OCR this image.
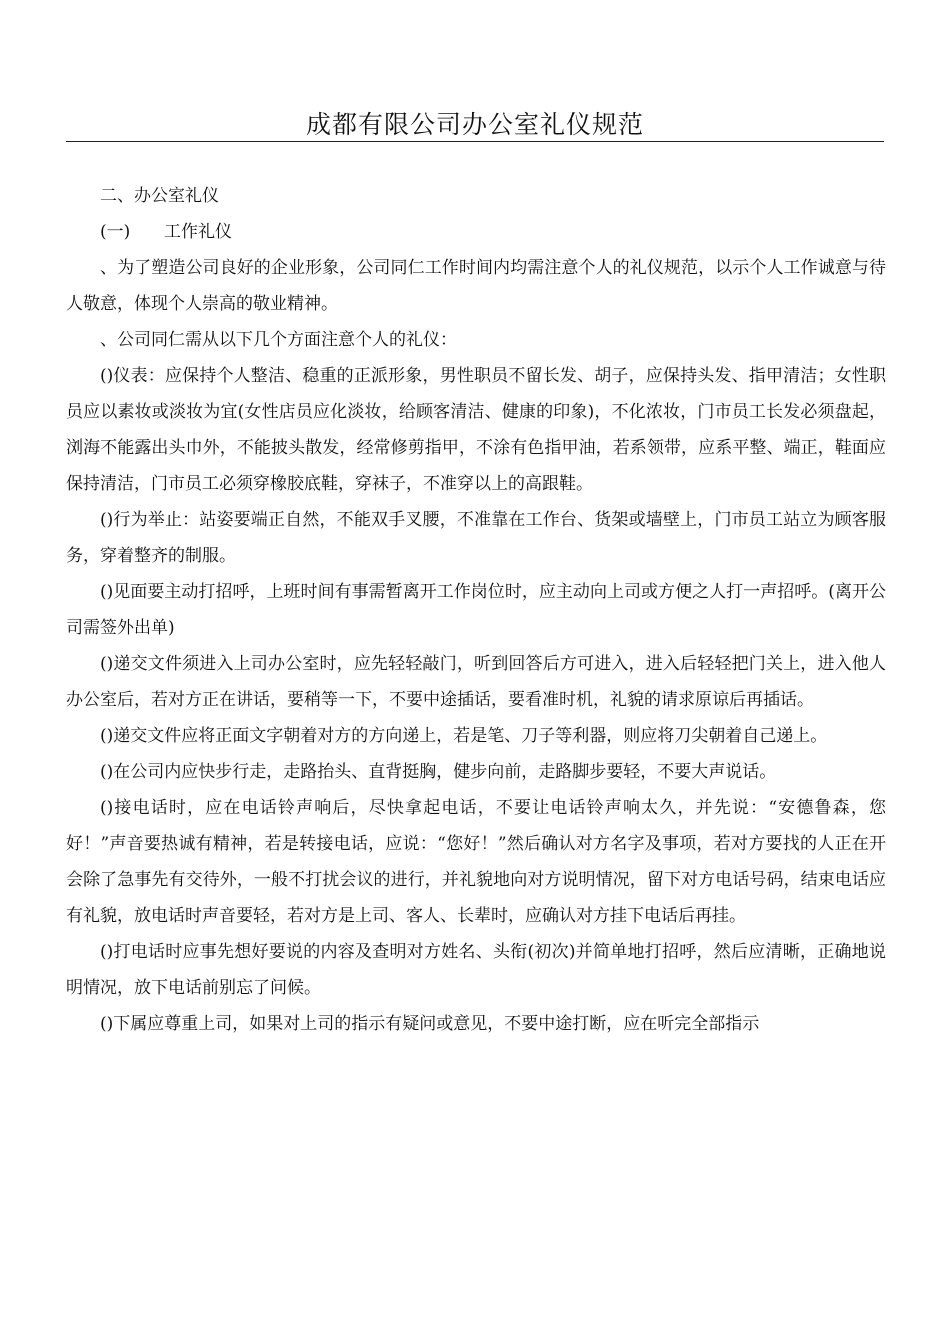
成都有限公司办公室礼仪规范

二、办公室礼仪

(一) 工作礼仪

、为了塑造公司良好的企业形象，公司同仁工作时间内均需注意个人的礼仪规范，以示个人工作诚意与待人敬意，体现个人崇高的敬业精神。

、公司同仁需从以下几个方面注意个人的礼仪：

()仪表：应保持个人整洁、稳重的正派形象，男性职员不留长发、胡子，应保持头发、指甲清洁；女性职员应以素妆或淡妆为宜(女性店员应化淡妆，给顾客清洁、健康的印象)，不化浓妆，门市员工长发必须盘起，浏海不能露出头巾外，不能披头散发，经常修剪指甲，不涂有色指甲油，若系领带，应系平整、端正，鞋面应保持清洁，门市员工必须穿橡胶底鞋，穿袜子，不准穿以上的高跟鞋。

()行为举止：站姿要端正自然，不能双手叉腰，不准靠在工作台、货架或墙壁上，门市员工站立为顾客服务，穿着整齐的制服。

()见面要主动打招呼，上班时间有事需暂离开工作岗位时，应主动向上司或方便之人打一声招呼。(离开公司需签外出单)

()递交文件须进入上司办公室时，应先轻轻敲门，听到回答后方可进入，进入后轻轻把门关上，进入他人办公室后，若对方正在讲话，要稍等一下，不要中途插话，要看准时机，礼貌的请求原谅后再插话。

()递交文件应将正面文字朝着对方的方向递上，若是笔、刀子等利器，则应将刀尖朝着自己递上。

()在公司内应快步行走，走路抬头、直背挺胸，健步向前，走路脚步要轻，不要大声说话。

()接电话时，应在电话铃声响后，尽快拿起电话，不要让电话铃声响太久，并先说：“安德鲁森，您好！”声音要热诚有精神，若是转接电话，应说：“您好！”然后确认对方名字及事项，若对方要找的人正在开会除了急事先有交待外，一般不打扰会议的进行，并礼貌地向对方说明情况，留下对方电话号码，结束电话应有礼貌，放电话时声音要轻，若对方是上司、客人、长辈时，应确认对方挂下电话后再挂。

()打电话时应事先想好要说的内容及查明对方姓名、头衔(初次)并简单地打招呼，然后应清晰，正确地说明情况，放下电话前别忘了问候。

()下属应尊重上司，如果对上司的指示有疑问或意见，不要中途打断，应在听完全部指示
